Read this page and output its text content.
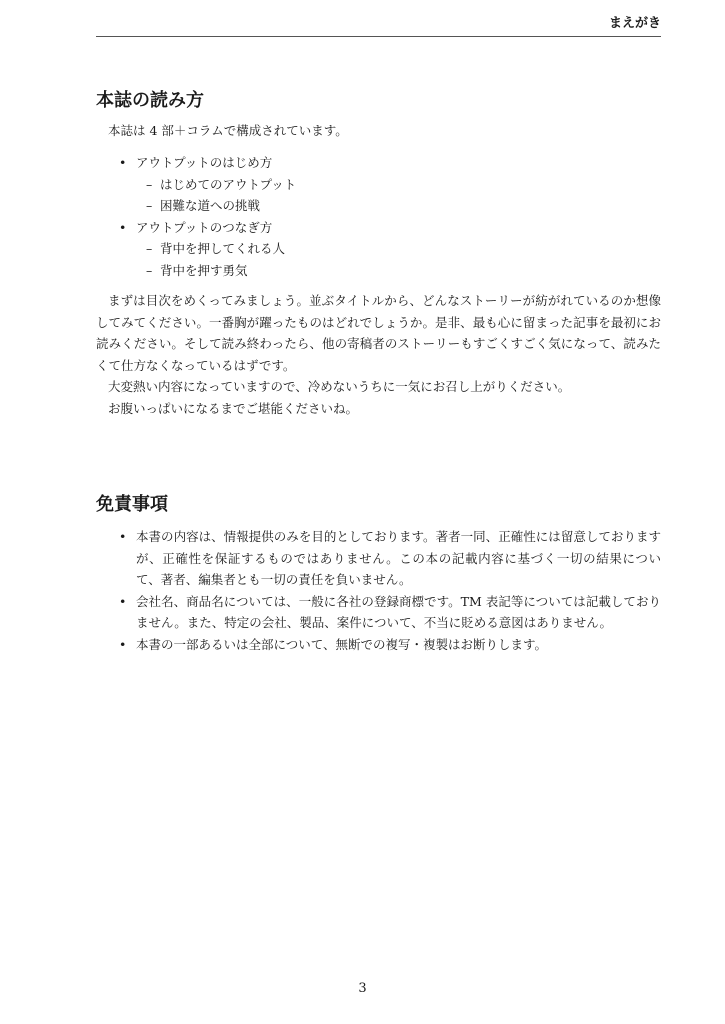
まえがき
本誌の読み方

本誌は 4 部＋コラムで構成されています。

• アウトプットのはじめ方
– はじめてのアウトプット
– 困難な道への挑戦
• アウトプットのつなぎ方
– 背中を押してくれる人
– 背中を押す勇気

まずは目次をめくってみましょう。並ぶタイトルから、どんなストーリーが紡がれているのか想像してみてください。一番胸が躍ったものはどれでしょうか。是非、最も心に留まった記事を最初にお読みください。そして読み終わったら、他の寄稿者のストーリーもすごくすごく気になって、読みたくて仕方なくなっているはずです。

大変熱い内容になっていますので、冷めないうちに一気にお召し上がりください。

お腹いっぱいになるまでご堪能くださいね。

免責事項
• 本書の内容は、情報提供のみを目的としております。著者一同、正確性には留意しておりますが、正確性を保証するものではありません。この本の記載内容に基づく一切の結果について、著者、編集者とも一切の責任を負いません。
• 会社名、商品名については、一般に各社の登録商標です。TM 表記等については記載しておりません。また、特定の会社、製品、案件について、不当に貶める意図はありません。
• 本書の一部あるいは全部について、無断での複写・複製はお断りします。
3
